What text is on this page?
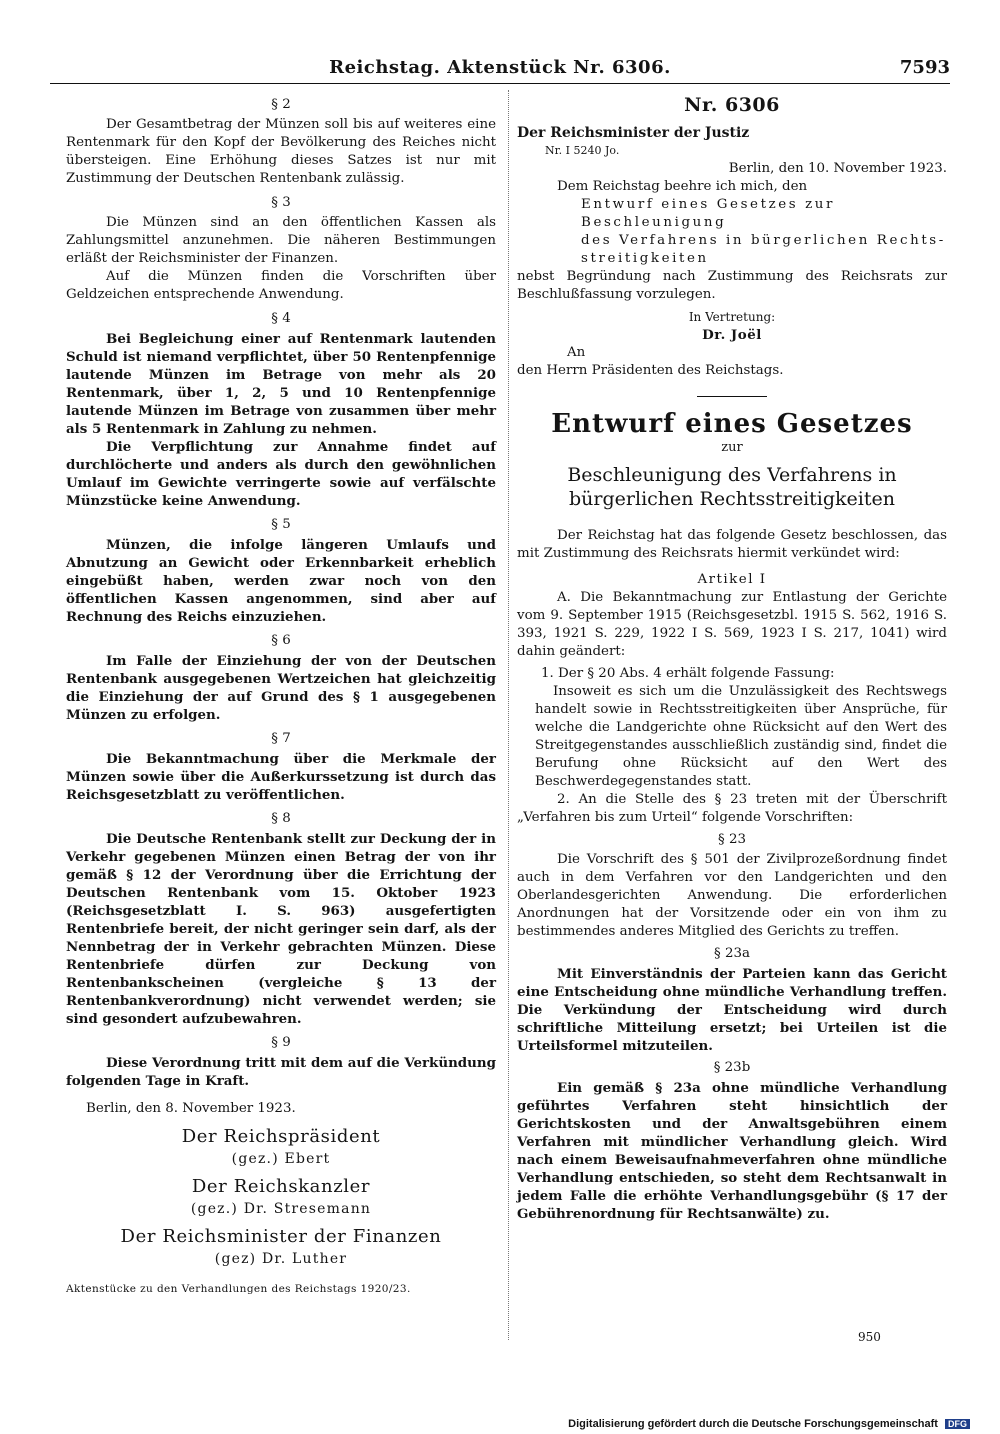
Reichstag. Aktenstück Nr. 6306.	7593

§ 2

Der Gesamtbetrag der Münzen soll bis auf weiteres eine Rentenmark für den Kopf der Bevölkerung des Reiches nicht übersteigen. Eine Erhöhung dieses Satzes ist nur mit Zustimmung der Deutschen Rentenbank zulässig.

§ 3

Die Münzen sind an den öffentlichen Kassen als Zahlungsmittel anzunehmen. Die näheren Bestimmungen erläßt der Reichsminister der Finanzen.

Auf die Münzen finden die Vorschriften über Geldzeichen entsprechende Anwendung.

§ 4

Bei Begleichung einer auf Rentenmark lautenden Schuld ist niemand verpflichtet, über 50 Rentenpfennige lautende Münzen im Betrage von mehr als 20 Rentenmark, über 1, 2, 5 und 10 Rentenpfennige lautende Münzen im Betrage von zusammen über mehr als 5 Rentenmark in Zahlung zu nehmen.

Die Verpflichtung zur Annahme findet auf durchlöcherte und anders als durch den gewöhnlichen Umlauf im Gewichte verringerte sowie auf verfälschte Münzstücke keine Anwendung.

§ 5

Münzen, die infolge längeren Umlaufs und Abnutzung an Gewicht oder Erkennbarkeit erheblich eingebüßt haben, werden zwar noch von den öffentlichen Kassen angenommen, sind aber auf Rechnung des Reichs einzuziehen.

§ 6

Im Falle der Einziehung der von der Deutschen Rentenbank ausgegebenen Wertzeichen hat gleichzeitig die Einziehung der auf Grund des § 1 ausgegebenen Münzen zu erfolgen.

§ 7

Die Bekanntmachung über die Merkmale der Münzen sowie über die Außerkurssetzung ist durch das Reichsgesetzblatt zu veröffentlichen.

§ 8

Die Deutsche Rentenbank stellt zur Deckung der in Verkehr gegebenen Münzen einen Betrag der von ihr gemäß § 12 der Verordnung über die Errichtung der Deutschen Rentenbank vom 15. Oktober 1923 (Reichsgesetzblatt I. S. 963) ausgefertigten Rentenbriefe bereit, der nicht geringer sein darf, als der Nennbetrag der in Verkehr gebrachten Münzen. Diese Rentenbriefe dürfen zur Deckung von Rentenbankscheinen (vergleiche § 13 der Rentenbankverordnung) nicht verwendet werden; sie sind gesondert aufzubewahren.

§ 9

Diese Verordnung tritt mit dem auf die Verkündung folgenden Tage in Kraft.

Berlin, den 8. November 1923.

Der Reichspräsident

(gez.) Ebert

Der Reichskanzler

(gez.) Dr. Stresemann

Der Reichsminister der Finanzen

(gez) Dr. Luther

Aktenstücke zu den Verhandlungen des Reichstags 1920/23.

Nr. 6306

Der Reichsminister der Justiz

Nr. I 5240 Jo.

Berlin, den 10. November 1923.

Dem Reichstag beehre ich mich, den

Entwurf eines Gesetzes zur Beschleunigung

des Verfahrens in bürgerlichen Rechts-

streitigkeiten

nebst Begründung nach Zustimmung des Reichsrats zur Beschlußfassung vorzulegen.

In Vertretung:

Dr. Joël

An

den Herrn Präsidenten des Reichstags.

Entwurf eines Gesetzes

zur

Beschleunigung des Verfahrens in bürgerlichen Rechtsstreitigkeiten

Der Reichstag hat das folgende Gesetz beschlossen, das mit Zustimmung des Reichsrats hiermit verkündet wird:

Artikel I

A. Die Bekanntmachung zur Entlastung der Gerichte vom 9. September 1915 (Reichsgesetzbl. 1915 S. 562, 1916 S. 393, 1921 S. 229, 1922 I S. 569, 1923 I S. 217, 1041) wird dahin geändert:

1. Der § 20 Abs. 4 erhält folgende Fassung:

Insoweit es sich um die Unzulässigkeit des Rechtswegs handelt sowie in Rechtsstreitigkeiten über Ansprüche, für welche die Landgerichte ohne Rücksicht auf den Wert des Streitgegenstandes ausschließlich zuständig sind, findet die Berufung ohne Rücksicht auf den Wert des Beschwerdegegenstandes statt.

2. An die Stelle des § 23 treten mit der Überschrift „Verfahren bis zum Urteil“ folgende Vorschriften:

§ 23

Die Vorschrift des § 501 der Zivilprozeßordnung findet auch in dem Verfahren vor den Landgerichten und den Oberlandesgerichten Anwendung. Die erforderlichen Anordnungen hat der Vorsitzende oder ein von ihm zu bestimmendes anderes Mitglied des Gerichts zu treffen.

§ 23a

Mit Einverständnis der Parteien kann das Gericht eine Entscheidung ohne mündliche Verhandlung treffen. Die Verkündung der Entscheidung wird durch schriftliche Mitteilung ersetzt; bei Urteilen ist die Urteilsformel mitzuteilen.

§ 23b

Ein gemäß § 23a ohne mündliche Verhandlung geführtes Verfahren steht hinsichtlich der Gerichtskosten und der Anwaltsgebühren einem Verfahren mit mündlicher Verhandlung gleich. Wird nach einem Beweisaufnahmeverfahren ohne mündliche Verhandlung entschieden, so steht dem Rechtsanwalt in jedem Falle die erhöhte Verhandlungsgebühr (§ 17 der Gebührenordnung für Rechtsanwälte) zu.

950
Digitalisierung gefördert durch die Deutsche Forschungsgemeinschaft DFG
